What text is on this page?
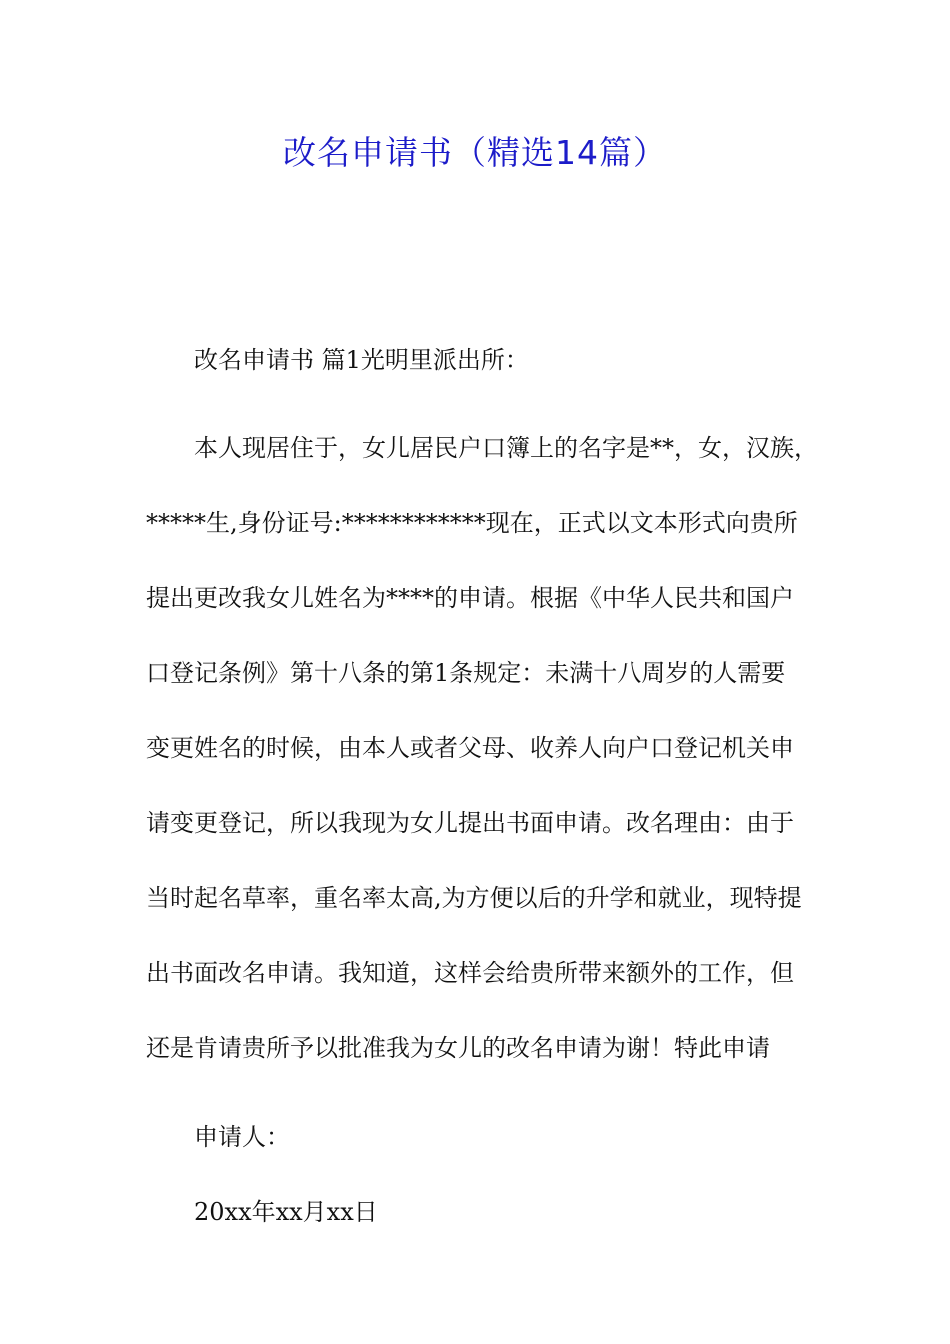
改名申请书（精选14篇）

改名申请书 篇1光明里派出所：

本人现居住于，女儿居民户口簿上的名字是**，女，汉族，
*****生,身份证号:************现在，正式以文本形式向贵所
提出更改我女儿姓名为****的申请。根据《中华人民共和国户
口登记条例》第十八条的第1条规定：未满十八周岁的人需要
变更姓名的时候，由本人或者父母、收养人向户口登记机关申
请变更登记，所以我现为女儿提出书面申请。改名理由：由于
当时起名草率，重名率太高,为方便以后的升学和就业，现特提
出书面改名申请。我知道，这样会给贵所带来额外的工作，但
还是肯请贵所予以批准我为女儿的改名申请为谢！特此申请

申请人：

20xx年xx月xx日
